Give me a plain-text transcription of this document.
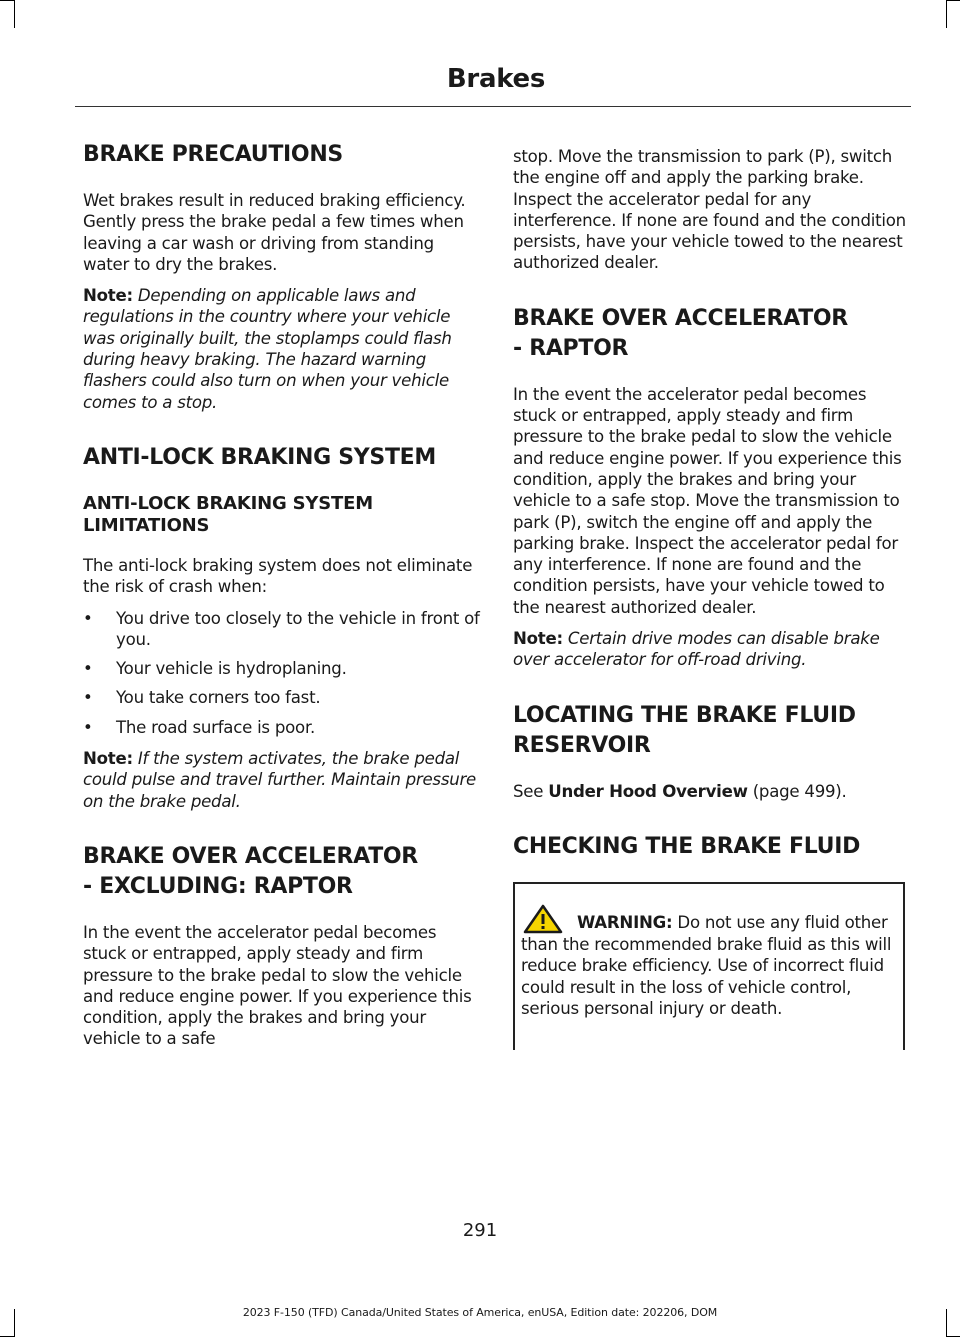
Brakes
BRAKE PRECAUTIONS

Wet brakes result in reduced braking efficiency. Gently press the brake pedal a few times when leaving a car wash or driving from standing water to dry the brakes.

Note: Depending on applicable laws and regulations in the country where your vehicle was originally built, the stoplamps could flash during heavy braking. The hazard warning flashers could also turn on when your vehicle comes to a stop.

ANTI-LOCK BRAKING SYSTEM
ANTI-LOCK BRAKING SYSTEM LIMITATIONS

The anti-lock braking system does not eliminate the risk of crash when:

• You drive too closely to the vehicle in front of you.
• Your vehicle is hydroplaning.
• You take corners too fast.
• The road surface is poor.

Note: If the system activates, the brake pedal could pulse and travel further. Maintain pressure on the brake pedal.

BRAKE OVER ACCELERATOR
- EXCLUDING: RAPTOR

In the event the accelerator pedal becomes stuck or entrapped, apply steady and firm pressure to the brake pedal to slow the vehicle and reduce engine power. If you experience this condition, apply the brakes and bring your vehicle to a safe

stop. Move the transmission to park (P), switch the engine off and apply the parking brake. Inspect the accelerator pedal for any interference. If none are found and the condition persists, have your vehicle towed to the nearest authorized dealer.

BRAKE OVER ACCELERATOR
- RAPTOR

In the event the accelerator pedal becomes stuck or entrapped, apply steady and firm pressure to the brake pedal to slow the vehicle and reduce engine power. If you experience this condition, apply the brakes and bring your vehicle to a safe stop. Move the transmission to park (P), switch the engine off and apply the parking brake. Inspect the accelerator pedal for any interference. If none are found and the condition persists, have your vehicle towed to the nearest authorized dealer.

Note: Certain drive modes can disable brake over accelerator for off-road driving.

LOCATING THE BRAKE FLUID
RESERVOIR

See Under Hood Overview (page 499).

CHECKING THE BRAKE FLUID

WARNING: Do not use any fluid other than the recommended brake fluid as this will reduce brake efficiency. Use of incorrect fluid could result in the loss of vehicle control, serious personal injury or death.

291
2023 F-150 (TFD) Canada/United States of America, enUSA, Edition date: 202206, DOM
